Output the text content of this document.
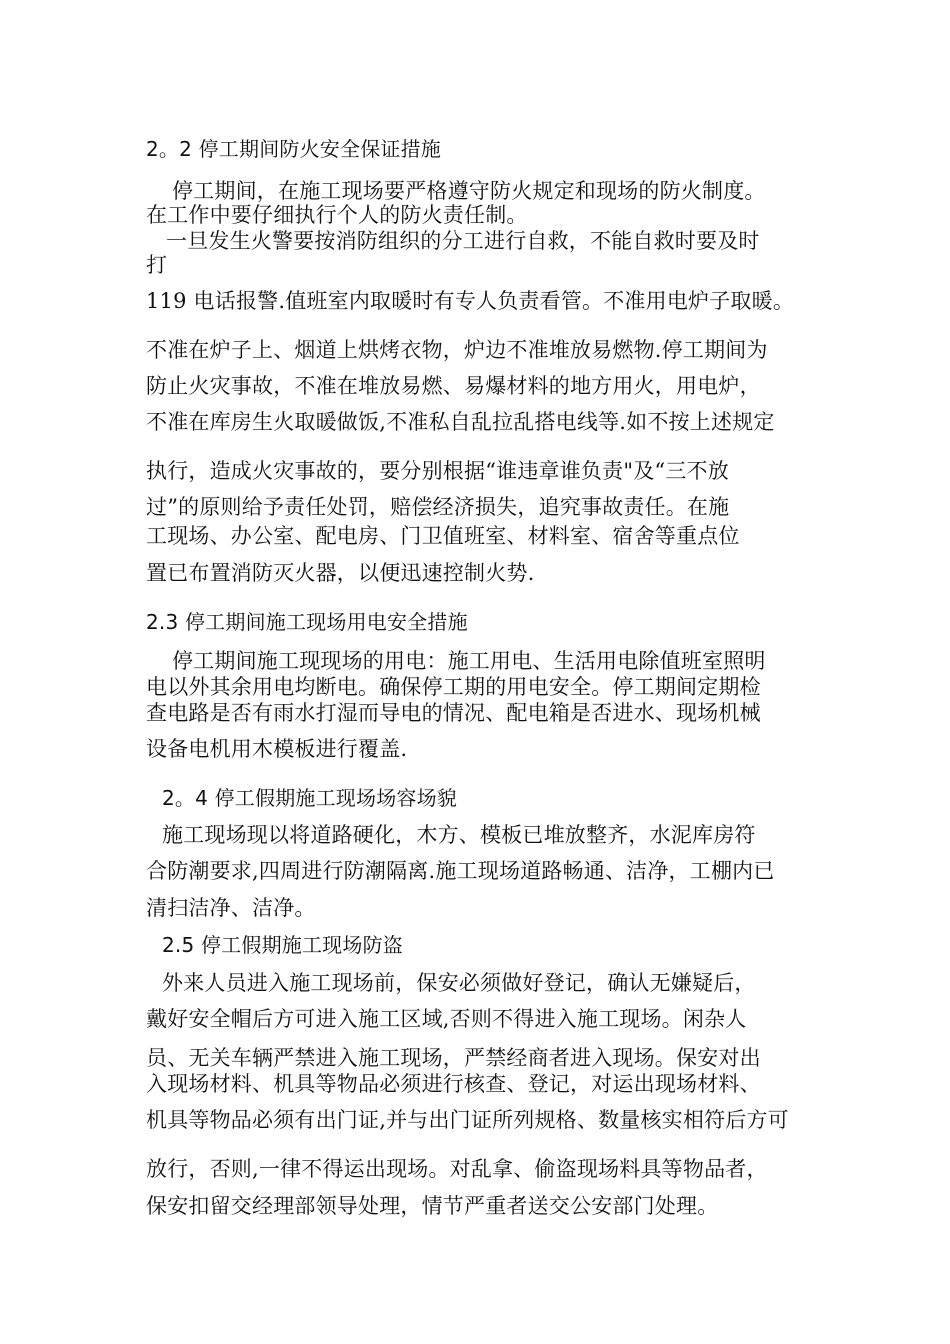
2。2 停工期间防火安全保证措施
停工期间，在施工现场要严格遵守防火规定和现场的防火制度。
在工作中要仔细执行个人的防火责任制。
一旦发生火警要按消防组织的分工进行自救，不能自救时要及时
打
119 电话报警.值班室内取暖时有专人负责看管。不准用电炉子取暖。
不准在炉子上、烟道上烘烤衣物，炉边不准堆放易燃物.停工期间为
防止火灾事故，不准在堆放易燃、易爆材料的地方用火，用电炉，
不准在库房生火取暖做饭,不准私自乱拉乱搭电线等.如不按上述规定
执行，造成火灾事故的，要分别根据“谁违章谁负责"及“三不放
过”的原则给予责任处罚，赔偿经济损失，追究事故责任。在施
工现场、办公室、配电房、门卫值班室、材料室、宿舍等重点位
置已布置消防灭火器，以便迅速控制火势.
2.3 停工期间施工现场用电安全措施
停工期间施工现现场的用电：施工用电、生活用电除值班室照明
电以外其余用电均断电。确保停工期的用电安全。停工期间定期检
查电路是否有雨水打湿而导电的情况、配电箱是否进水、现场机械
设备电机用木模板进行覆盖.
2。4 停工假期施工现场场容场貌
施工现场现以将道路硬化，木方、模板已堆放整齐，水泥库房符
合防潮要求,四周进行防潮隔离.施工现场道路畅通、洁净，工棚内已
清扫洁净、洁净。
2.5 停工假期施工现场防盗
外来人员进入施工现场前，保安必须做好登记，确认无嫌疑后，
戴好安全帽后方可进入施工区域,否则不得进入施工现场。闲杂人
员、无关车辆严禁进入施工现场，严禁经商者进入现场。保安对出
入现场材料、机具等物品必须进行核查、登记，对运出现场材料、
机具等物品必须有出门证,并与出门证所列规格、数量核实相符后方可
放行，否则,一律不得运出现场。对乱拿、偷盗现场料具等物品者，
保安扣留交经理部领导处理，情节严重者送交公安部门处理。
